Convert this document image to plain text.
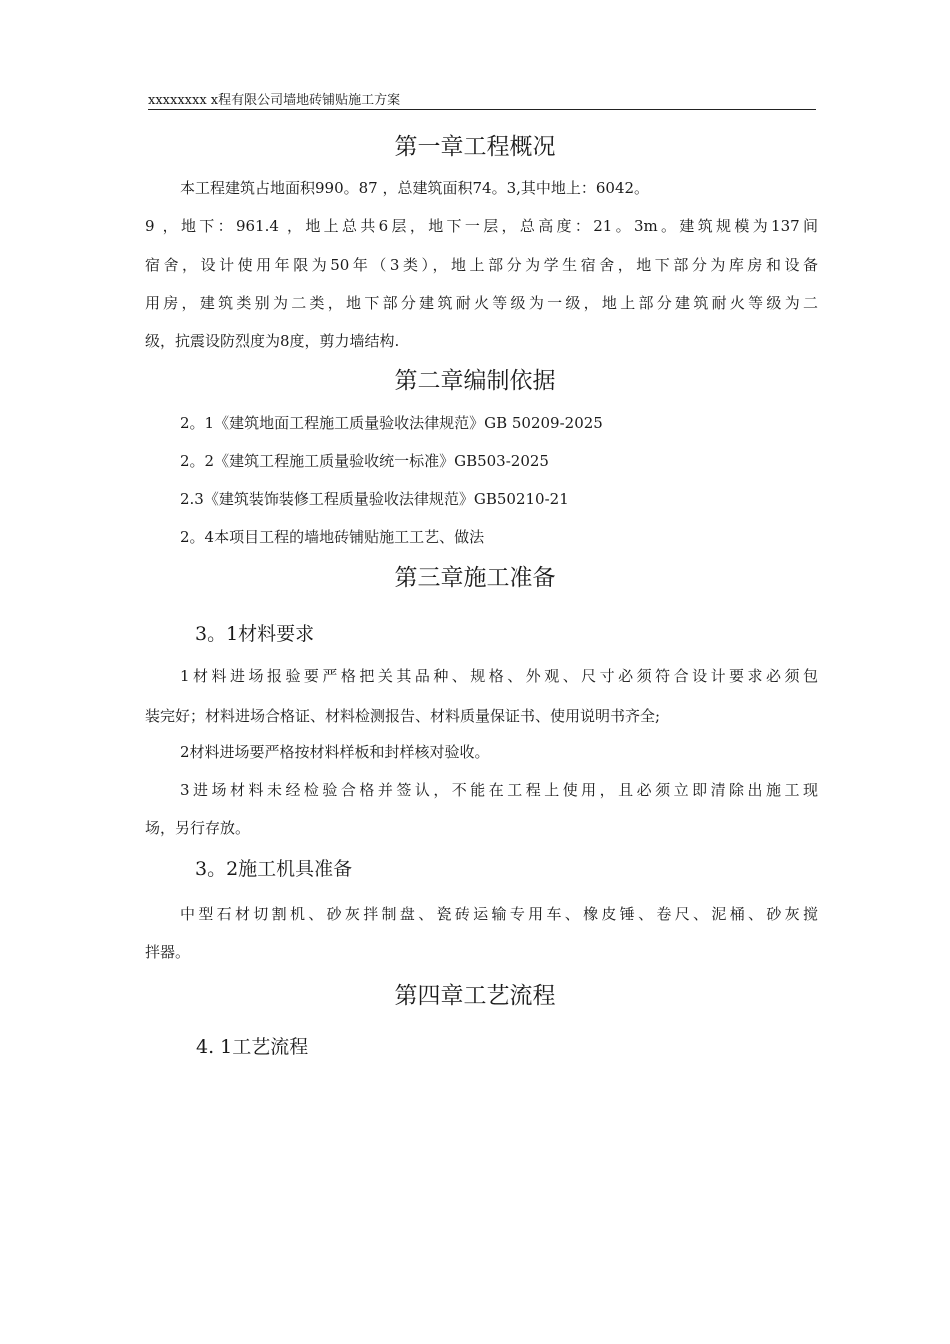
xxxxxxxx x程有限公司墙地砖铺贴施工方案
第一章工程概况
本工程建筑占地面积990。87 ，总建筑面积74。3,其中地上：6042。
9 ，地下：961.4 ，地上总共6层，地下一层，总高度：21。3m。建筑规模为137间
宿舍，设计使用年限为50年（3类），地上部分为学生宿舍，地下部分为库房和设备
用房，建筑类别为二类，地下部分建筑耐火等级为一级，地上部分建筑耐火等级为二
级，抗震设防烈度为8度，剪力墙结构.
第二章编制依据
2。1《建筑地面工程施工质量验收法律规范》GB 50209-2025
2。2《建筑工程施工质量验收统一标准》GB503-2025
2.3《建筑装饰装修工程质量验收法律规范》GB50210-21
2。4本项目工程的墙地砖铺贴施工工艺、做法
第三章施工准备
3。1材料要求
1材料进场报验要严格把关其品种、规格、外观、尺寸必须符合设计要求必须包
装完好；材料进场合格证、材料检测报告、材料质量保证书、使用说明书齐全;
2材料进场要严格按材料样板和封样核对验收。
3进场材料未经检验合格并签认，不能在工程上使用，且必须立即清除出施工现
场，另行存放。
3。2施工机具准备
中型石材切割机、砂灰拌制盘、瓷砖运输专用车、橡皮锤、卷尺、泥桶、砂灰搅
拌器。
第四章工艺流程
4. 1工艺流程
